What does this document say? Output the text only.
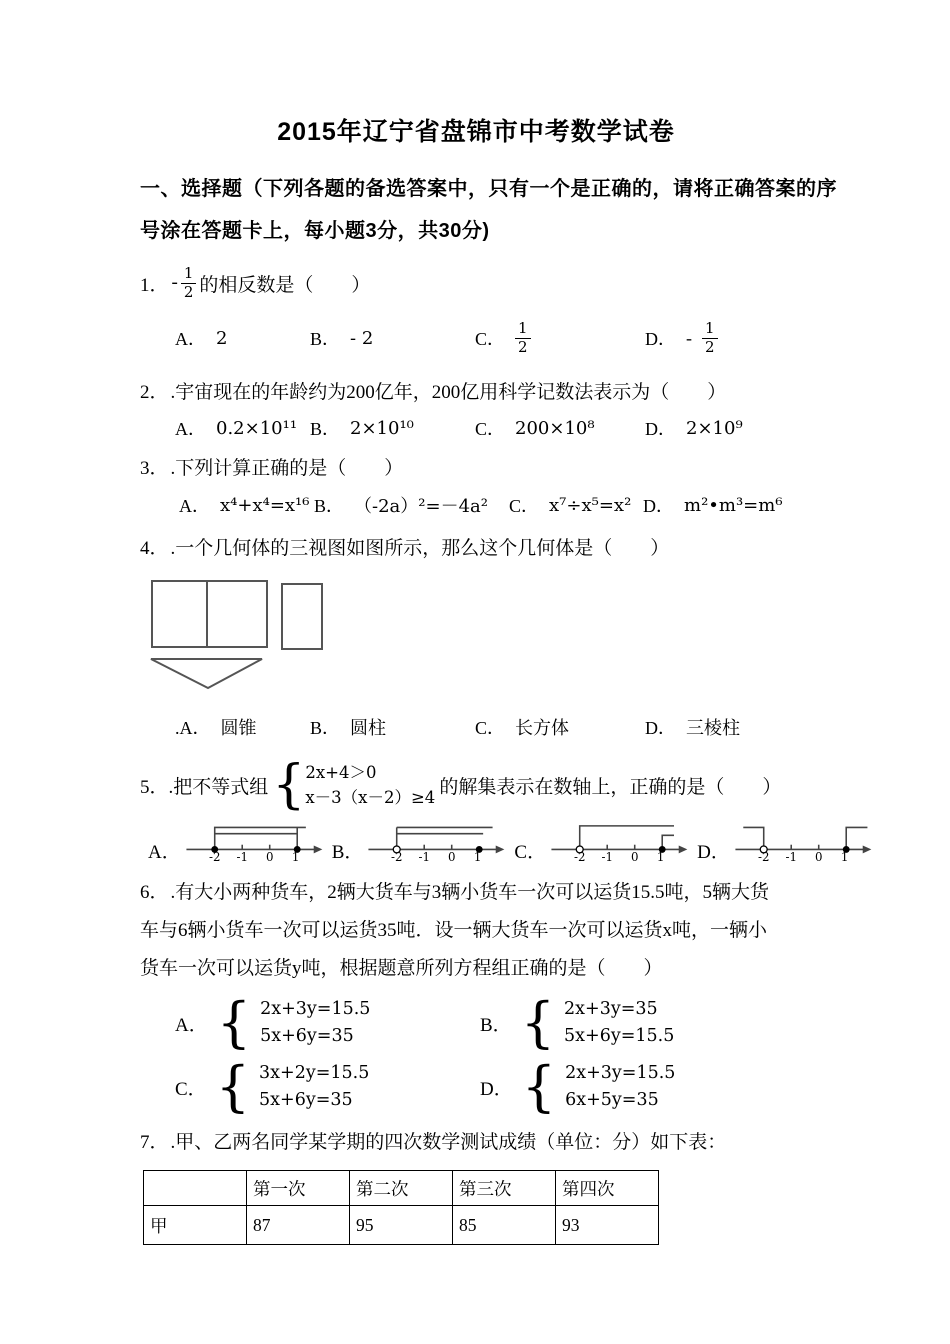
2015年辽宁省盘锦市中考数学试卷
一、选择题（下列各题的备选答案中，只有一个是正确的，请将正确答案的序
号涂在答题卡上，每小题3分，共30分)
1． - $\frac{1}{2}$ 的相反数是（　　）
A． 2	B． - 2	C． $\frac{1}{2}$	D． - $\frac{1}{2}$
2． .宇宙现在的年龄约为200亿年，200亿用科学记数法表示为（　　）
A． 0.2×10¹¹ B． 2×10¹⁰	C． 200×10⁸	D． 2×10⁹
3． .下列计算正确的是（　　）
A． x⁴+x⁴=x¹⁶ B． （-2a）²=－4a² C． x⁷÷x⁵=x² D． m²•m³=m⁶
4． .一个几何体的三视图如图所示，那么这个几何体是（　　）
.A． 圆锥	B． 圆柱	C． 长方体	D． 三棱柱
5． .把不等式组 { 2x+4＞0
x－3（x－2）≥4 的解集表示在数轴上，正确的是（　　）
A． -2 -1 0 1 B． -2 -1 0 1 C． -2 -1 0 1 D． -2 -1 0 1
6． .有大小两种货车，2辆大货车与3辆小货车一次可以运货15.5吨，5辆大货
车与6辆小货车一次可以运货35吨．设一辆大货车一次可以运货x吨，一辆小
货车一次可以运货y吨，根据题意所列方程组正确的是（　　）
A． { 2x+3y=15.5
5x+6y=35
B． { 2x+3y=35
5x+6y=15.5
C． { 3x+2y=15.5
5x+6y=35
D． { 2x+3y=15.5
6x+5y=35
7． .甲、乙两名同学某学期的四次数学测试成绩（单位：分）如下表：
	第一次	第二次	第三次	第四次
甲	87	95	85	93
